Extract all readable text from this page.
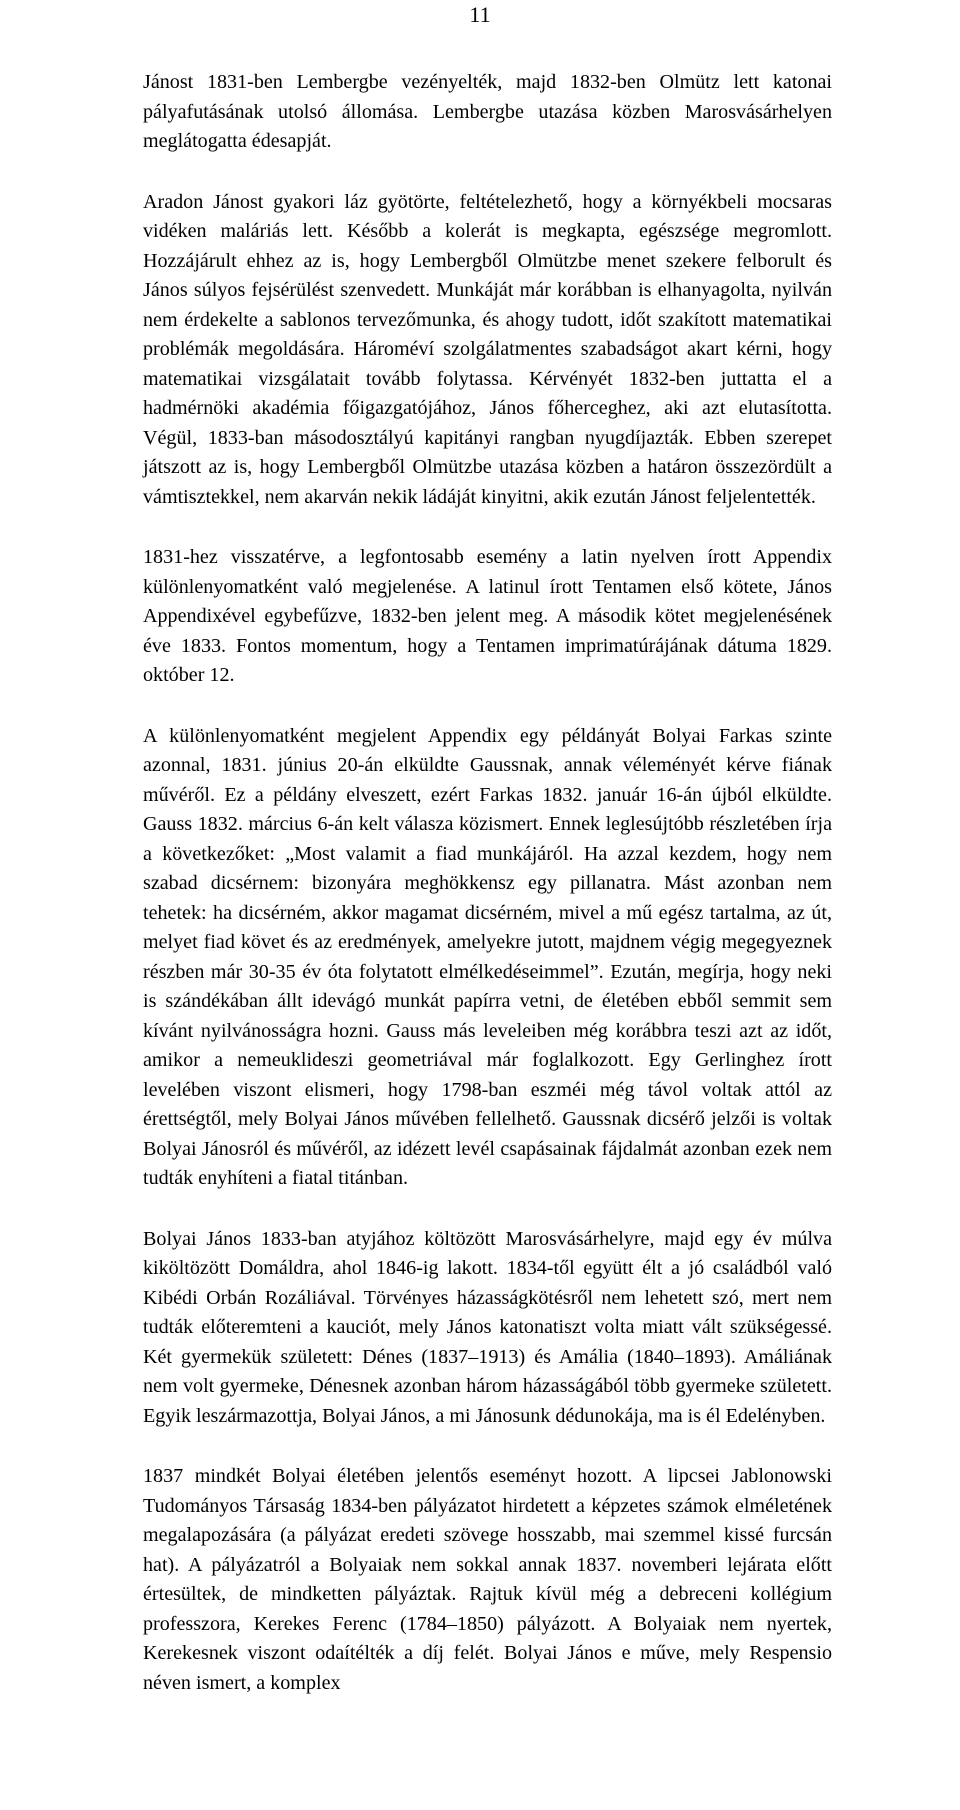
11

Jánost 1831-ben Lembergbe vezényelték, majd 1832-ben Olmütz lett katonai pályafutásának utolsó állomása. Lembergbe utazása közben Marosvásárhelyen meglátogatta édesapját.

Aradon Jánost gyakori láz gyötörte, feltételezhető, hogy a környékbeli mocsaras vidéken maláriás lett. Később a kolerát is megkapta, egészsége megromlott. Hozzájárult ehhez az is, hogy Lembergből Olmützbe menet szekere felborult és János súlyos fejsérülést szenvedett. Munkáját már korábban is elhanyagolta, nyilván nem érdekelte a sablonos tervezőmunka, és ahogy tudott, időt szakított matematikai problémák megoldására. Hároméví szolgálatmentes szabadságot akart kérni, hogy matematikai vizsgálatait tovább folytassa. Kérvényét 1832-ben juttatta el a hadmérnöki akadémia főigazgatójához, János főherceghez, aki azt elutasította. Végül, 1833-ban másodosztályú kapitányi rangban nyugdíjazták. Ebben szerepet játszott az is, hogy Lembergből Olmützbe utazása közben a határon összezördült a vámtisztekkel, nem akarván nekik ládáját kinyitni, akik ezután Jánost feljelentették.

1831-hez visszatérve, a legfontosabb esemény a latin nyelven írott Appendix különlenyomatként való megjelenése. A latinul írott Tentamen első kötete, János Appendixével egybefűzve, 1832-ben jelent meg. A második kötet megjelenésének éve 1833. Fontos momentum, hogy a Tentamen imprimatúrájának dátuma 1829. október 12.

A különlenyomatként megjelent Appendix egy példányát Bolyai Farkas szinte azonnal, 1831. június 20-án elküldte Gaussnak, annak véleményét kérve fiának művéről. Ez a példány elveszett, ezért Farkas 1832. január 16-án újból elküldte. Gauss 1832. március 6-án kelt válasza közismert. Ennek leglesújtóbb részletében írja a következőket: „Most valamit a fiad munkájáról. Ha azzal kezdem, hogy nem szabad dicsérnem: bizonyára meghökkensz egy pillanatra. Mást azonban nem tehetek: ha dicsérném, akkor magamat dicsérném, mivel a mű egész tartalma, az út, melyet fiad követ és az eredmények, amelyekre jutott, majdnem végig megegyeznek részben már 30-35 év óta folytatott elmélkedéseimmel”. Ezután, megírja, hogy neki is szándékában állt idevágó munkát papírra vetni, de életében ebből semmit sem kívánt nyilvánosságra hozni. Gauss más leveleiben még korábbra teszi azt az időt, amikor a nemeuklideszi geometriával már foglalkozott. Egy Gerlinghez írott levelében viszont elismeri, hogy 1798-ban eszméi még távol voltak attól az érettségtől, mely Bolyai János művében fellelhető. Gaussnak dicsérő jelzői is voltak Bolyai Jánosról és művéről, az idézett levél csapásainak fájdalmát azonban ezek nem tudták enyhíteni a fiatal titánban.

Bolyai János 1833-ban atyjához költözött Marosvásárhelyre, majd egy év múlva kiköltözött Domáldra, ahol 1846-ig lakott. 1834-től együtt élt a jó családból való Kibédi Orbán Rozáliával. Törvényes házasságkötésről nem lehetett szó, mert nem tudták előteremteni a kauciót, mely János katonatiszt volta miatt vált szükségessé. Két gyermekük született: Dénes (1837–1913) és Amália (1840–1893). Amáliának nem volt gyermeke, Dénesnek azonban három házasságából több gyermeke született. Egyik leszármazottja, Bolyai János, a mi Jánosunk dédunokája, ma is él Edelényben.

1837 mindkét Bolyai életében jelentős eseményt hozott. A lipcsei Jablonowski Tudományos Társaság 1834-ben pályázatot hirdetett a képzetes számok elméletének megalapozására (a pályázat eredeti szövege hosszabb, mai szemmel kissé furcsán hat). A pályázatról a Bolyaiak nem sokkal annak 1837. novemberi lejárata előtt értesültek, de mindketten pályáztak. Rajtuk kívül még a debreceni kollégium professzora, Kerekes Ferenc (1784–1850) pályázott. A Bolyaiak nem nyertek, Kerekesnek viszont odaítélték a díj felét. Bolyai János e műve, mely Respensio néven ismert, a komplex
